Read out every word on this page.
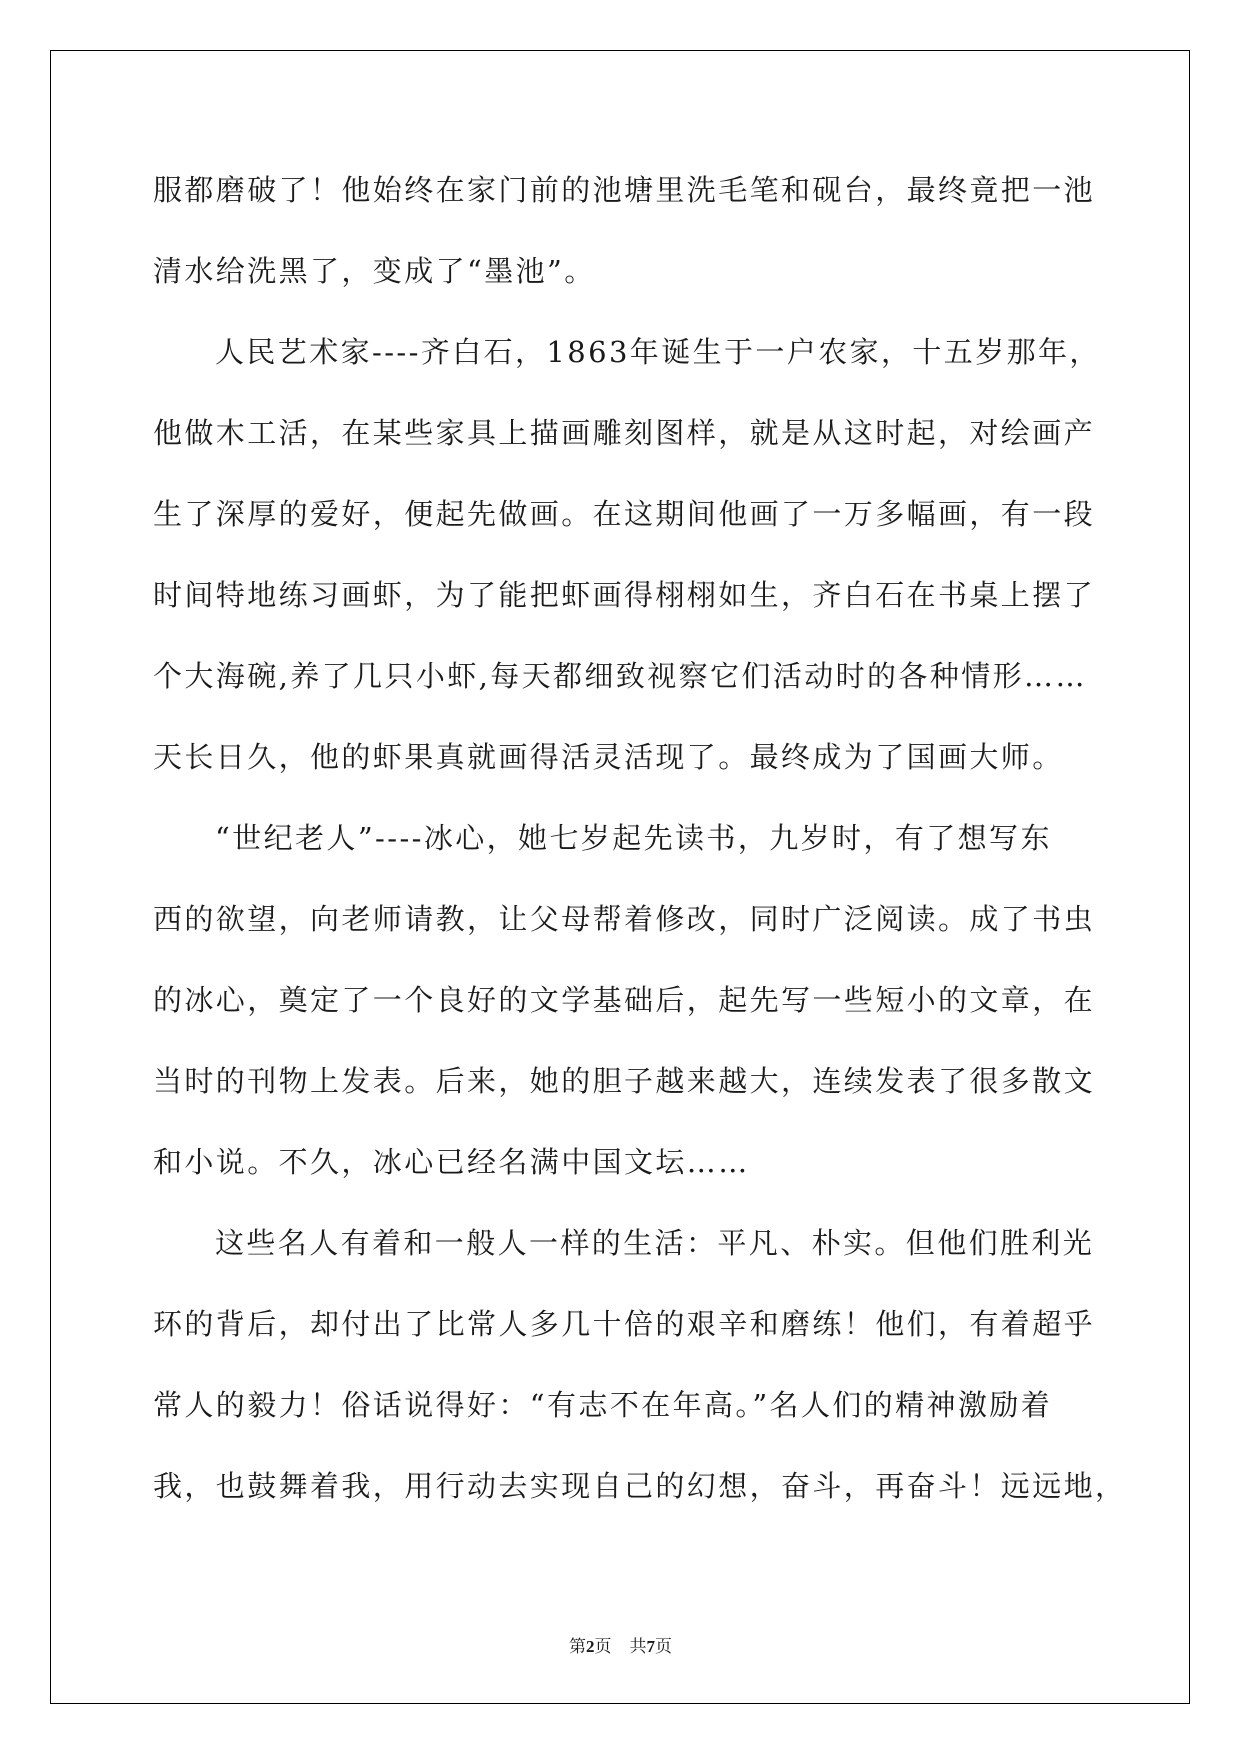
服都磨破了！他始终在家门前的池塘里洗毛笔和砚台，最终竟把一池
清水给洗黑了，变成了“墨池”。
人民艺术家----齐白石，1863年诞生于一户农家，十五岁那年，
他做木工活，在某些家具上描画雕刻图样，就是从这时起，对绘画产
生了深厚的爱好，便起先做画。在这期间他画了一万多幅画，有一段
时间特地练习画虾，为了能把虾画得栩栩如生，齐白石在书桌上摆了
个大海碗,养了几只小虾,每天都细致视察它们活动时的各种情形……
天长日久，他的虾果真就画得活灵活现了。最终成为了国画大师。
“世纪老人”----冰心，她七岁起先读书，九岁时，有了想写东
西的欲望，向老师请教，让父母帮着修改，同时广泛阅读。成了书虫
的冰心，奠定了一个良好的文学基础后，起先写一些短小的文章，在
当时的刊物上发表。后来，她的胆子越来越大，连续发表了很多散文
和小说。不久，冰心已经名满中国文坛……
这些名人有着和一般人一样的生活：平凡、朴实。但他们胜利光
环的背后，却付出了比常人多几十倍的艰辛和磨练！他们，有着超乎
常人的毅力！俗话说得好：“有志不在年高。”名人们的精神激励着
我，也鼓舞着我，用行动去实现自己的幻想，奋斗，再奋斗！远远地，
第2页 共7页
